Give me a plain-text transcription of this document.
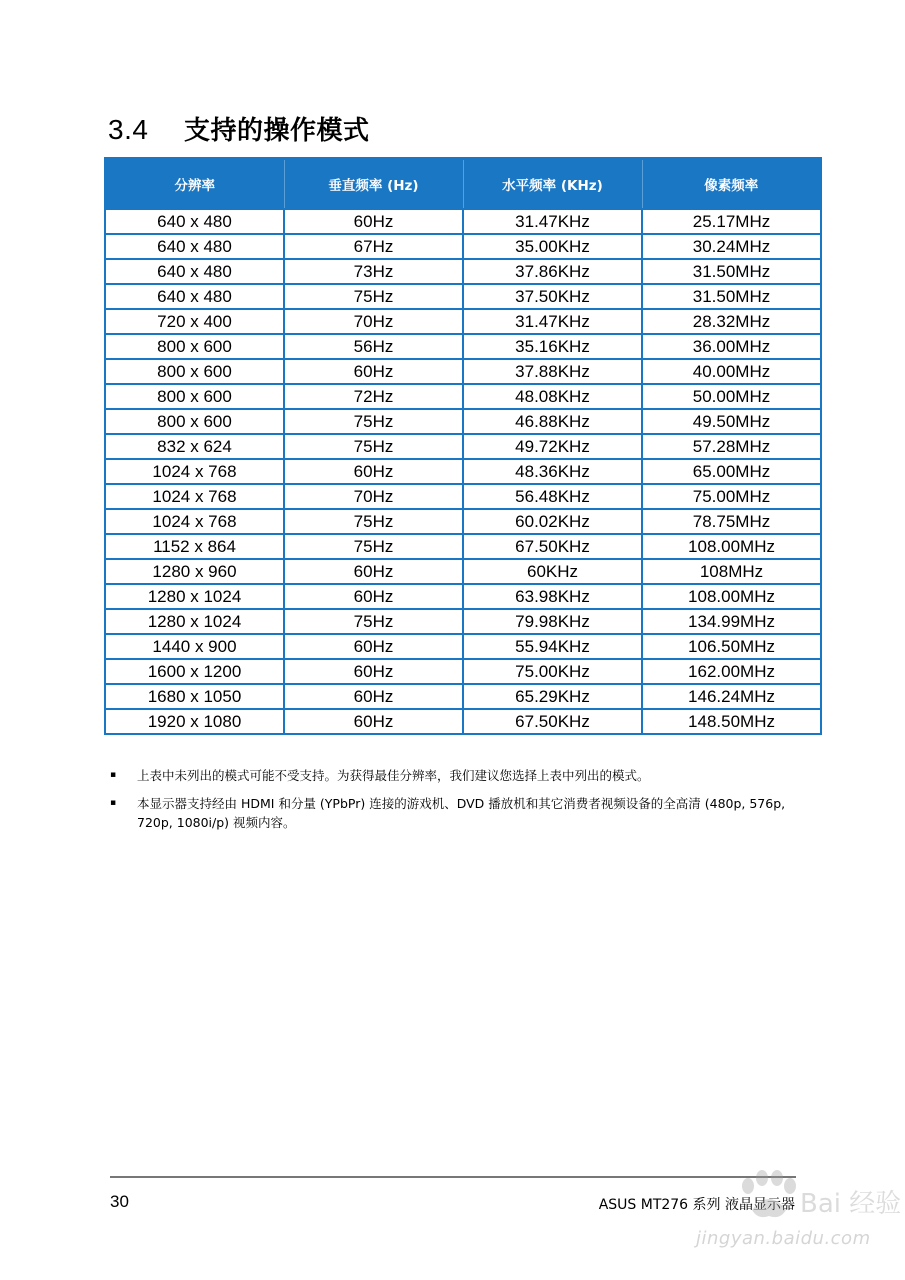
3.4	支持的操作模式
分辨率	垂直频率 (Hz)	水平频率 (KHz)	像素频率
640 x 480	60Hz	31.47KHz	25.17MHz
640 x 480	67Hz	35.00KHz	30.24MHz
640 x 480	73Hz	37.86KHz	31.50MHz
640 x 480	75Hz	37.50KHz	31.50MHz
720 x 400	70Hz	31.47KHz	28.32MHz
800 x 600	56Hz	35.16KHz	36.00MHz
800 x 600	60Hz	37.88KHz	40.00MHz
800 x 600	72Hz	48.08KHz	50.00MHz
800 x 600	75Hz	46.88KHz	49.50MHz
832 x 624	75Hz	49.72KHz	57.28MHz
1024 x 768	60Hz	48.36KHz	65.00MHz
1024 x 768	70Hz	56.48KHz	75.00MHz
1024 x 768	75Hz	60.02KHz	78.75MHz
1152 x 864	75Hz	67.50KHz	108.00MHz
1280 x 960	60Hz	60KHz	108MHz
1280 x 1024	60Hz	63.98KHz	108.00MHz
1280 x 1024	75Hz	79.98KHz	134.99MHz
1440 x 900	60Hz	55.94KHz	106.50MHz
1600 x 1200	60Hz	75.00KHz	162.00MHz
1680 x 1050	60Hz	65.29KHz	146.24MHz
1920 x 1080	60Hz	67.50KHz	148.50MHz
▪	上表中未列出的模式可能不受支持。为获得最佳分辨率，我们建议您选择上表中列出的模式。
▪	本显示器支持经由 HDMI 和分量 (YPbPr) 连接的游戏机、DVD 播放机和其它消费者视频设备的全高清 (480p, 576p, 720p, 1080i/p) 视频内容。
30	ASUS MT276 系列 液晶显示器 Bai 经验
jingyan.baidu.com
